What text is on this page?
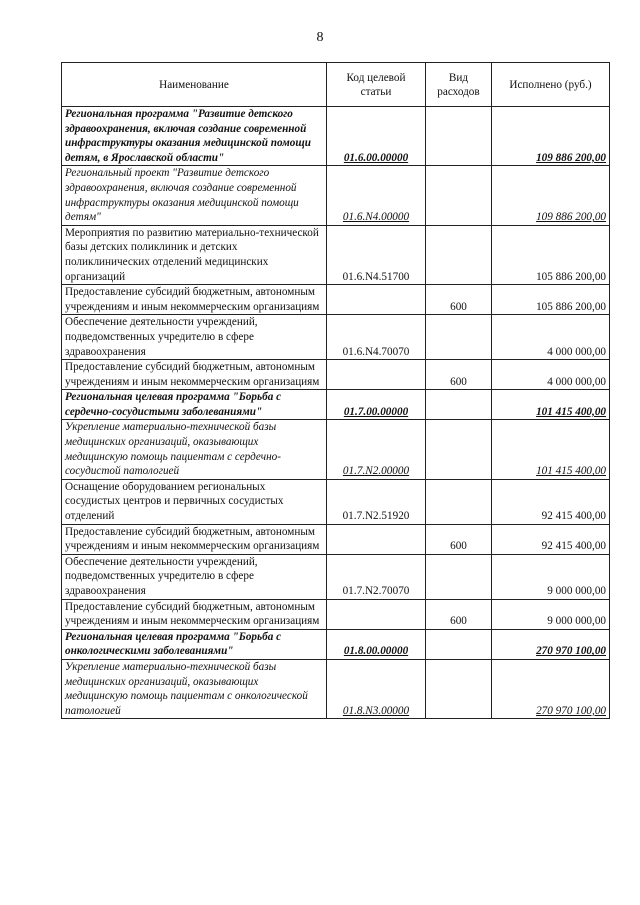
8
Наименование	Код целевой статьи	Вид расходов	Исполнено (руб.)
Региональная программа "Развитие детского здравоохранения, включая создание современной инфраструктуры оказания медицинской помощи детям, в Ярославской области"	01.6.00.00000		109 886 200,00
Региональный проект "Развитие детского здравоохранения, включая создание современной инфраструктуры оказания медицинской помощи детям"	01.6.N4.00000		109 886 200,00
Мероприятия по развитию материально-технической базы детских поликлиник и детских поликлинических отделений медицинских организаций	01.6.N4.51700		105 886 200,00
Предоставление субсидий бюджетным, автономным учреждениям и иным некоммерческим организациям		600	105 886 200,00
Обеспечение деятельности учреждений, подведомственных учредителю в сфере здравоохранения	01.6.N4.70070		4 000 000,00
Предоставление субсидий бюджетным, автономным учреждениям и иным некоммерческим организациям		600	4 000 000,00
Региональная целевая программа "Борьба с сердечно-сосудистыми заболеваниями"	01.7.00.00000		101 415 400,00
Укрепление материально-технической базы медицинских организаций, оказывающих медицинскую помощь пациентам с сердечно-сосудистой патологией	01.7.N2.00000		101 415 400,00
Оснащение оборудованием региональных сосудистых центров и первичных сосудистых отделений	01.7.N2.51920		92 415 400,00
Предоставление субсидий бюджетным, автономным учреждениям и иным некоммерческим организациям		600	92 415 400,00
Обеспечение деятельности учреждений, подведомственных учредителю в сфере здравоохранения	01.7.N2.70070		9 000 000,00
Предоставление субсидий бюджетным, автономным учреждениям и иным некоммерческим организациям		600	9 000 000,00
Региональная целевая программа "Борьба с онкологическими заболеваниями"	01.8.00.00000		270 970 100,00
Укрепление материально-технической базы медицинских организаций, оказывающих медицинскую помощь пациентам с онкологической патологией	01.8.N3.00000		270 970 100,00
